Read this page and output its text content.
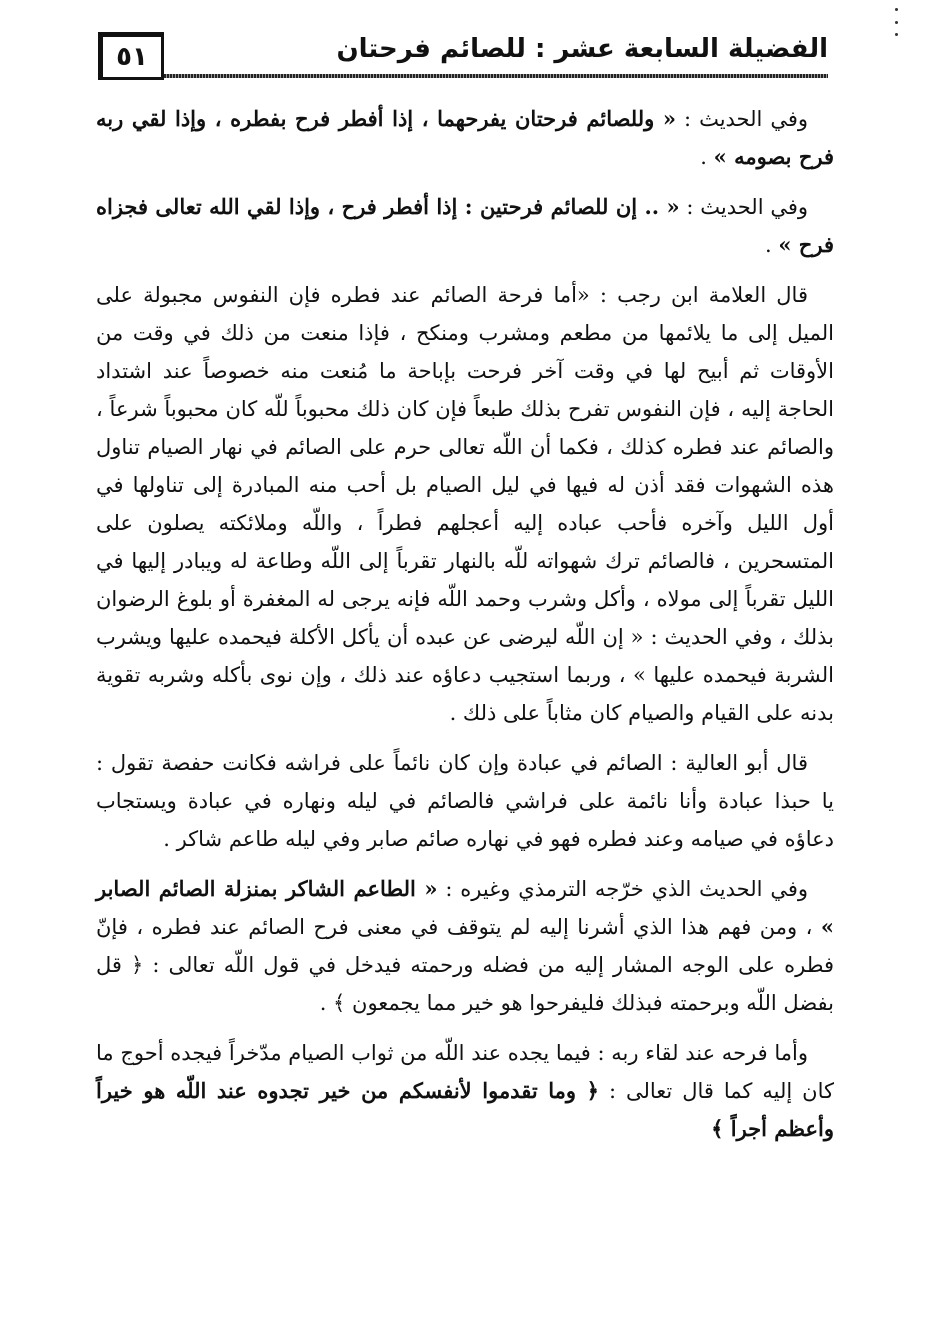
٥١	الفضيلة السابعة عشر : للصائم فرحتان

وفي الحديث : « وللصائم فرحتان يفرحهما ، إذا أفطر فرح بفطره ، وإذا لقي ربه فرح بصومه » .

وفي الحديث : « .. إن للصائم فرحتين : إذا أفطر فرح ، وإذا لقي الله تعالى فجزاه فرح » .

قال العلامة ابن رجب : «أما فرحة الصائم عند فطره فإن النفوس مجبولة على الميل إلى ما يلائمها من مطعم ومشرب ومنكح ، فإذا منعت من ذلك في وقت من الأوقات ثم أبيح لها في وقت آخر فرحت بإباحة ما مُنعت منه خصوصاً عند اشتداد الحاجة إليه ، فإن النفوس تفرح بذلك طبعاً فإن كان ذلك محبوباً للّه كان محبوباً شرعاً ، والصائم عند فطره كذلك ، فكما أن اللّه تعالى حرم على الصائم في نهار الصيام تناول هذه الشهوات فقد أذن له فيها في ليل الصيام بل أحب منه المبادرة إلى تناولها في أول الليل وآخره فأحب عباده إليه أعجلهم فطراً ، واللّه وملائكته يصلون على المتسحرين ، فالصائم ترك شهواته للّه بالنهار تقرباً إلى اللّه وطاعة له ويبادر إليها في الليل تقرباً إلى مولاه ، وأكل وشرب وحمد اللّه فإنه يرجى له المغفرة أو بلوغ الرضوان بذلك ، وفي الحديث : « إن اللّه ليرضى عن عبده أن يأكل الأكلة فيحمده عليها ويشرب الشربة فيحمده عليها » ، وربما استجيب دعاؤه عند ذلك ، وإن نوى بأكله وشربه تقوية بدنه على القيام والصيام كان مثاباً على ذلك .

قال أبو العالية : الصائم في عبادة وإن كان نائماً على فراشه فكانت حفصة تقول : يا حبذا عبادة وأنا نائمة على فراشي فالصائم في ليله ونهاره في عبادة ويستجاب دعاؤه في صيامه وعند فطره فهو في نهاره صائم صابر وفي ليله طاعم شاكر .

وفي الحديث الذي خرّجه الترمذي وغيره : « الطاعم الشاكر بمنزلة الصائم الصابر » ، ومن فهم هذا الذي أشرنا إليه لم يتوقف في معنى فرح الصائم عند فطره ، فإنّ فطره على الوجه المشار إليه من فضله ورحمته فيدخل في قول اللّه تعالى : ﴿ قل بفضل اللّه وبرحمته فبذلك فليفرحوا هو خير مما يجمعون ﴾ .

وأما فرحه عند لقاء ربه : فيما يجده عند اللّه من ثواب الصيام مدّخراً فيجده أحوج ما كان إليه كما قال تعالى : ﴿ وما تقدموا لأنفسكم من خير تجدوه عند اللّه هو خيراً وأعظم أجراً ﴾
